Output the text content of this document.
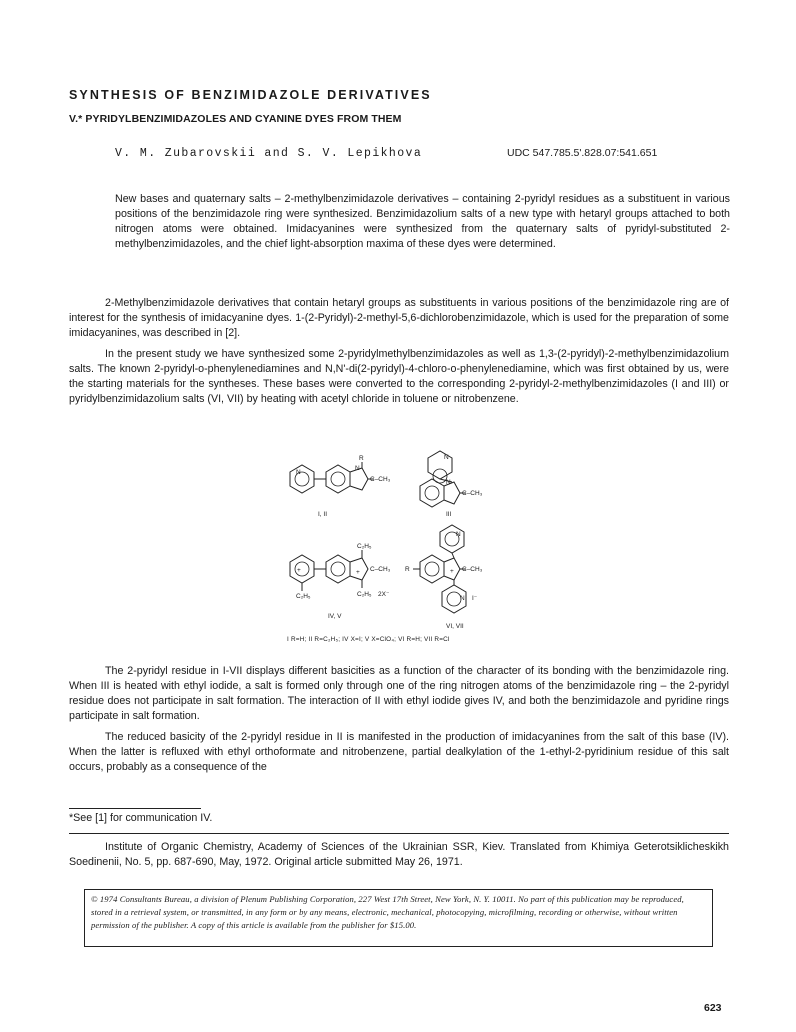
SYNTHESIS OF BENZIMIDAZOLE DERIVATIVES
V.* PYRIDYLBENZIMIDAZOLES AND CYANINE DYES FROM THEM
V. M. Zubarovskii and S. V. Lepikhova	UDC 547.785.5'.828.07:541.651

New bases and quaternary salts – 2-methylbenzimidazole derivatives – containing 2-pyridyl residues as a substituent in various positions of the benzimidazole ring were synthesized. Benzimidazolium salts of a new type with hetaryl groups attached to both nitrogen atoms were obtained. Imidacyanines were synthesized from the quaternary salts of pyridyl-substituted 2-methylbenzimidazoles, and the chief light-absorption maxima of these dyes were determined.

2-Methylbenzimidazole derivatives that contain hetaryl groups as substituents in various positions of the benzimidazole ring are of interest for the synthesis of imidacyanine dyes. 1-(2-Pyridyl)-2-methyl-5,6-dichlorobenzimidazole, which is used for the preparation of some imidacyanines, was described in [2].

In the present study we have synthesized some 2-pyridylmethylbenzimidazoles as well as 1,3-(2-pyridyl)-2-methylbenzimidazolium salts. The known 2-pyridyl-o-phenylenediamines and N,N'-di(2-pyridyl)-4-chloro-o-phenylenediamine, which was first obtained by us, were the starting materials for the syntheses. These bases were converted to the corresponding 2-pyridyl-2-methylbenzimidazoles (I and III) or pyridylbenzimidazolium salts (VI, VII) by heating with acetyl chloride in toluene or nitrobenzene.

R
N
N
C–CH₃
N
N
C–CH₃
C₂H₅
C–CH₃
C₂H₅
C₂H₅	2X⁻
+	+
N
C–CH₃
R	+
N I⁻
I, II	III
IV, V
VI, VII
I R=H; II R=C₂H₅; IV X=I; V X=ClO₄; VI R=H; VII R=Cl

The 2-pyridyl residue in I-VII displays different basicities as a function of the character of its bonding with the benzimidazole ring. When III is heated with ethyl iodide, a salt is formed only through one of the ring nitrogen atoms of the benzimidazole ring – the 2-pyridyl residue does not participate in salt formation. The interaction of II with ethyl iodide gives IV, and both the benzimidazole and pyridine rings participate in salt formation.

The reduced basicity of the 2-pyridyl residue in II is manifested in the production of imidacyanines from the salt of this base (IV). When the latter is refluxed with ethyl orthoformate and nitrobenzene, partial dealkylation of the 1-ethyl-2-pyridinium residue of this salt occurs, probably as a consequence of the

*See [1] for communication IV.
Institute of Organic Chemistry, Academy of Sciences of the Ukrainian SSR, Kiev. Translated from Khimiya Geterotsiklicheskikh Soedinenii, No. 5, pp. 687-690, May, 1972. Original article submitted May 26, 1971.
© 1974 Consultants Bureau, a division of Plenum Publishing Corporation, 227 West 17th Street, New York, N. Y. 10011. No part of this publication may be reproduced, stored in a retrieval system, or transmitted, in any form or by any means, electronic, mechanical, photocopying, microfilming, recording or otherwise, without written permission of the publisher. A copy of this article is available from the publisher for $15.00.
623
